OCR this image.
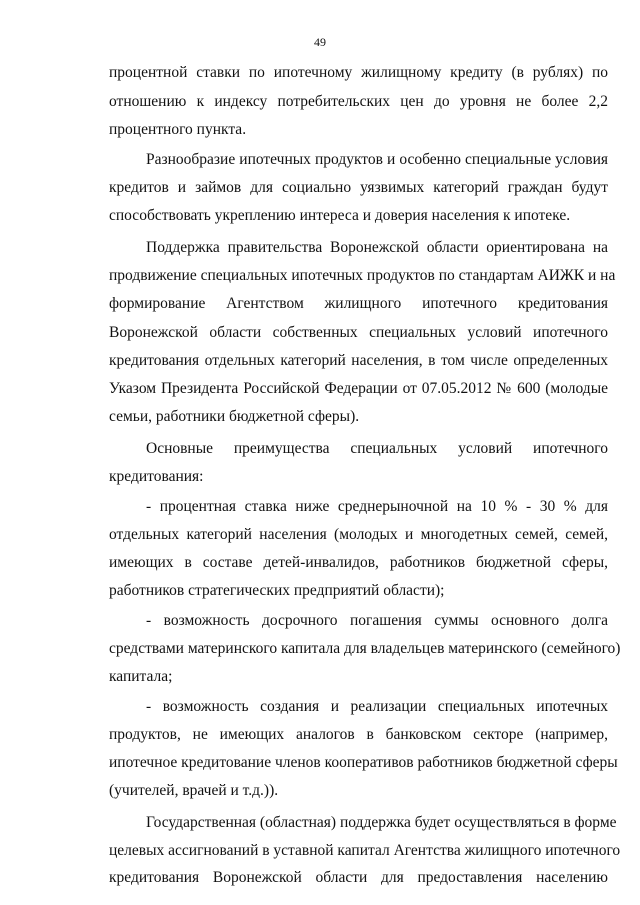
49
процентной ставки по ипотечному жилищному кредиту (в рублях) по
отношению к индексу потребительских цен до уровня не более 2,2
процентного пункта.
Разнообразие ипотечных продуктов и особенно специальные условия
кредитов и займов для социально уязвимых категорий граждан будут
способствовать укреплению интереса и доверия населения к ипотеке.
Поддержка правительства Воронежской области ориентирована на
продвижение специальных ипотечных продуктов по стандартам АИЖК и на
формирование Агентством жилищного ипотечного кредитования
Воронежской области собственных специальных условий ипотечного
кредитования отдельных категорий населения, в том числе определенных
Указом Президента Российской Федерации от 07.05.2012 № 600 (молодые
семьи, работники бюджетной сферы).
Основные преимущества специальных условий ипотечного
кредитования:
- процентная ставка ниже среднерыночной на 10 % - 30 % для
отдельных категорий населения (молодых и многодетных семей, семей,
имеющих в составе детей-инвалидов, работников бюджетной сферы,
работников стратегических предприятий области);
- возможность досрочного погашения суммы основного долга
средствами материнского капитала для владельцев материнского (семейного)
капитала;
- возможность создания и реализации специальных ипотечных
продуктов, не имеющих аналогов в банковском секторе (например,
ипотечное кредитование членов кооперативов работников бюджетной сферы
(учителей, врачей и т.д.)).
Государственная (областная) поддержка будет осуществляться в форме
целевых ассигнований в уставной капитал Агентства жилищного ипотечного
кредитования Воронежской области для предоставления населению
